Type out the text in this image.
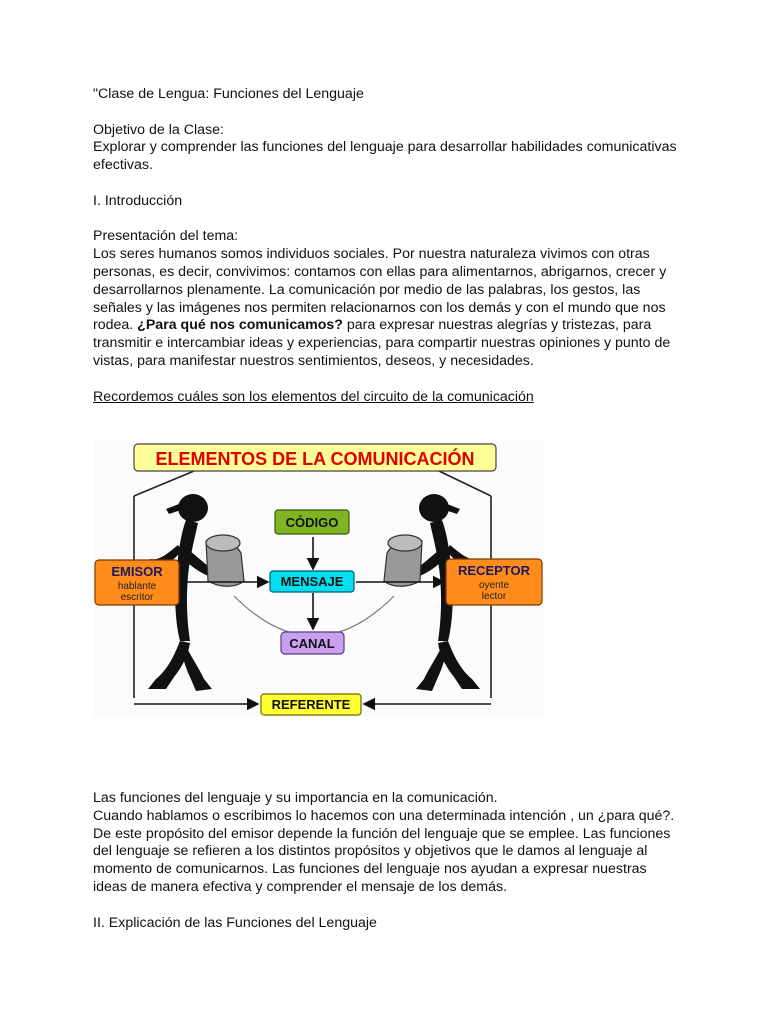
"Clase de Lengua: Funciones del Lenguaje

Objetivo de la Clase:

Explorar y comprender las funciones del lenguaje para desarrollar habilidades comunicativas efectivas.

I. Introducción

Presentación del tema:

Los seres humanos somos individuos sociales. Por nuestra naturaleza vivimos con otras personas, es decir, convivimos: contamos con ellas para alimentarnos, abrigarnos, crecer y desarrollarnos plenamente. La comunicación por medio de las palabras, los gestos, las señales y las imágenes nos permiten relacionarnos con los demás y con el mundo que nos rodea. ¿Para qué nos comunicamos? para expresar nuestras alegrías y tristezas, para transmitir e intercambiar ideas y experiencias, para compartir nuestras opiniones y punto de vistas, para manifestar nuestros sentimientos, deseos, y necesidades.

Recordemos cuáles son los elementos del circuito de la comunicación

ELEMENTOS DE LA COMUNICACIÓN
CÓDIGO
EMISOR
hablante
escritor
MENSAJE
RECEPTOR
oyente
lector
CANAL
REFERENTE

Las funciones del lenguaje y su importancia en la comunicación.

Cuando hablamos o escribimos lo hacemos con una determinada intención , un ¿para qué?. De este propósito del emisor depende la función del lenguaje que se emplee. Las funciones del lenguaje se refieren a los distintos propósitos y objetivos que le damos al lenguaje al momento de comunicarnos. Las funciones del lenguaje nos ayudan a expresar nuestras ideas de manera efectiva y comprender el mensaje de los demás.

II. Explicación de las Funciones del Lenguaje
